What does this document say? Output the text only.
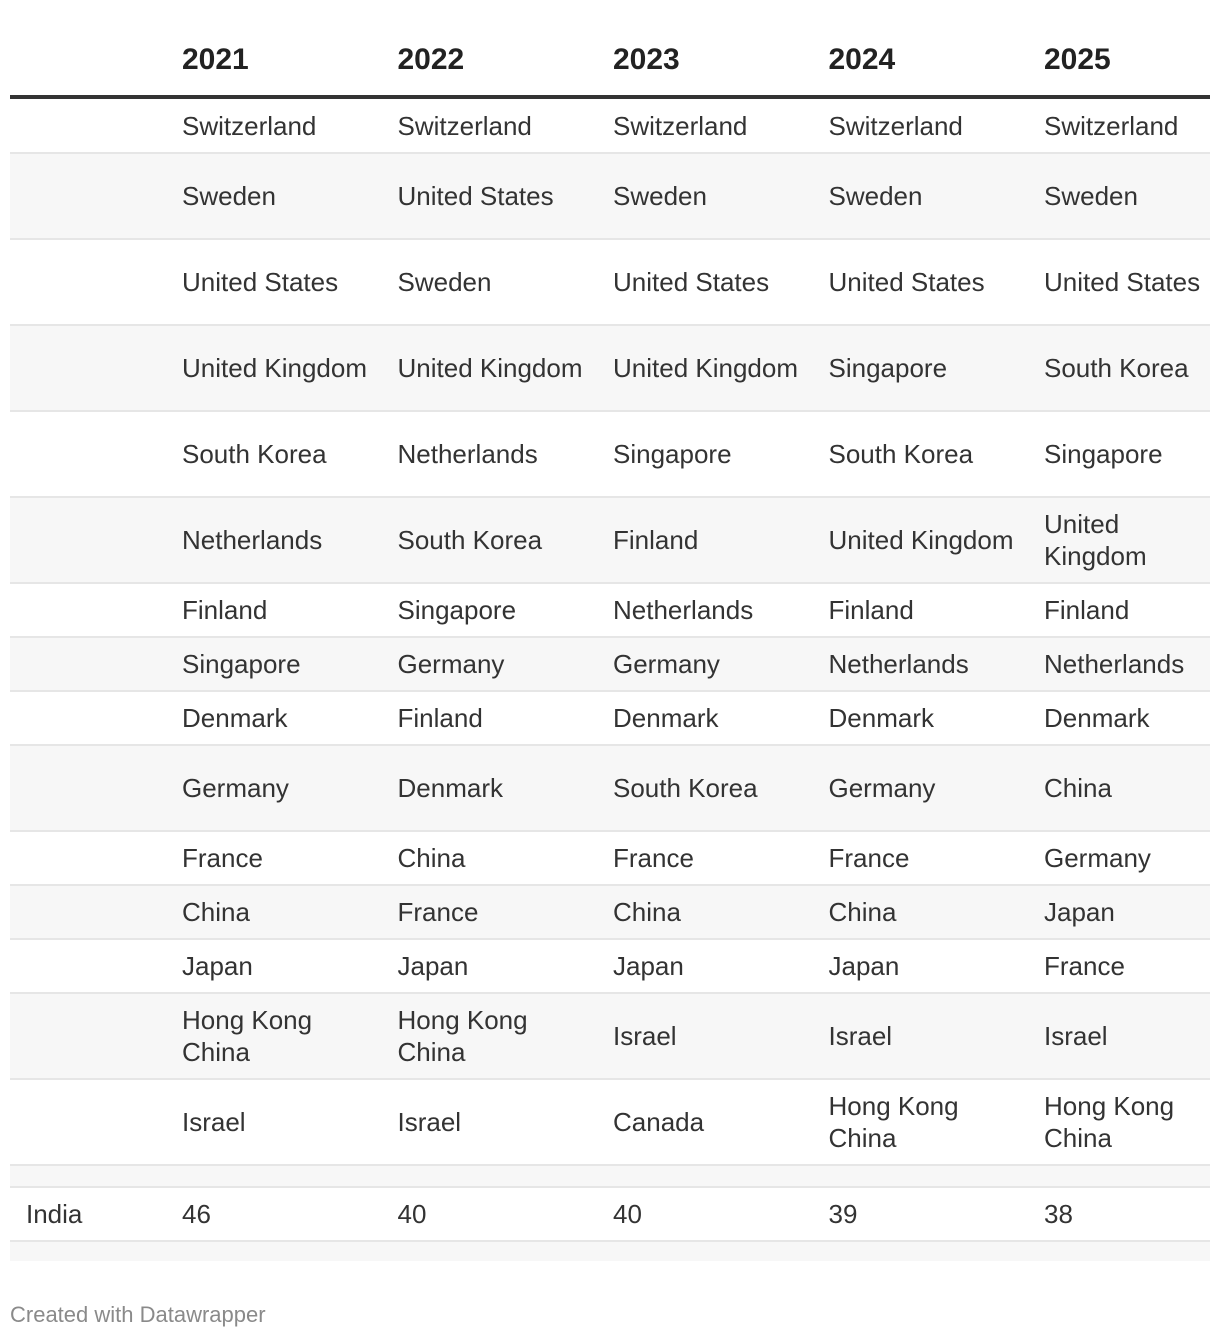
	2021	2022	2023	2024	2025
	Switzerland	Switzerland	Switzerland	Switzerland	Switzerland
	Sweden	United States	Sweden	Sweden	Sweden
	United States	Sweden	United States	United States	United States
	United Kingdom	United Kingdom	United Kingdom	Singapore	South Korea
	South Korea	Netherlands	Singapore	South Korea	Singapore
	Netherlands	South Korea	Finland	United Kingdom	United Kingdom
	Finland	Singapore	Netherlands	Finland	Finland
	Singapore	Germany	Germany	Netherlands	Netherlands
	Denmark	Finland	Denmark	Denmark	Denmark
	Germany	Denmark	South Korea	Germany	China
	France	China	France	France	Germany
	China	France	China	China	Japan
	Japan	Japan	Japan	Japan	France
	Hong Kong China	Hong Kong China	Israel	Israel	Israel
	Israel	Israel	Canada	Hong Kong China	Hong Kong China

India	46	40	40	39	38

Created with Datawrapper
